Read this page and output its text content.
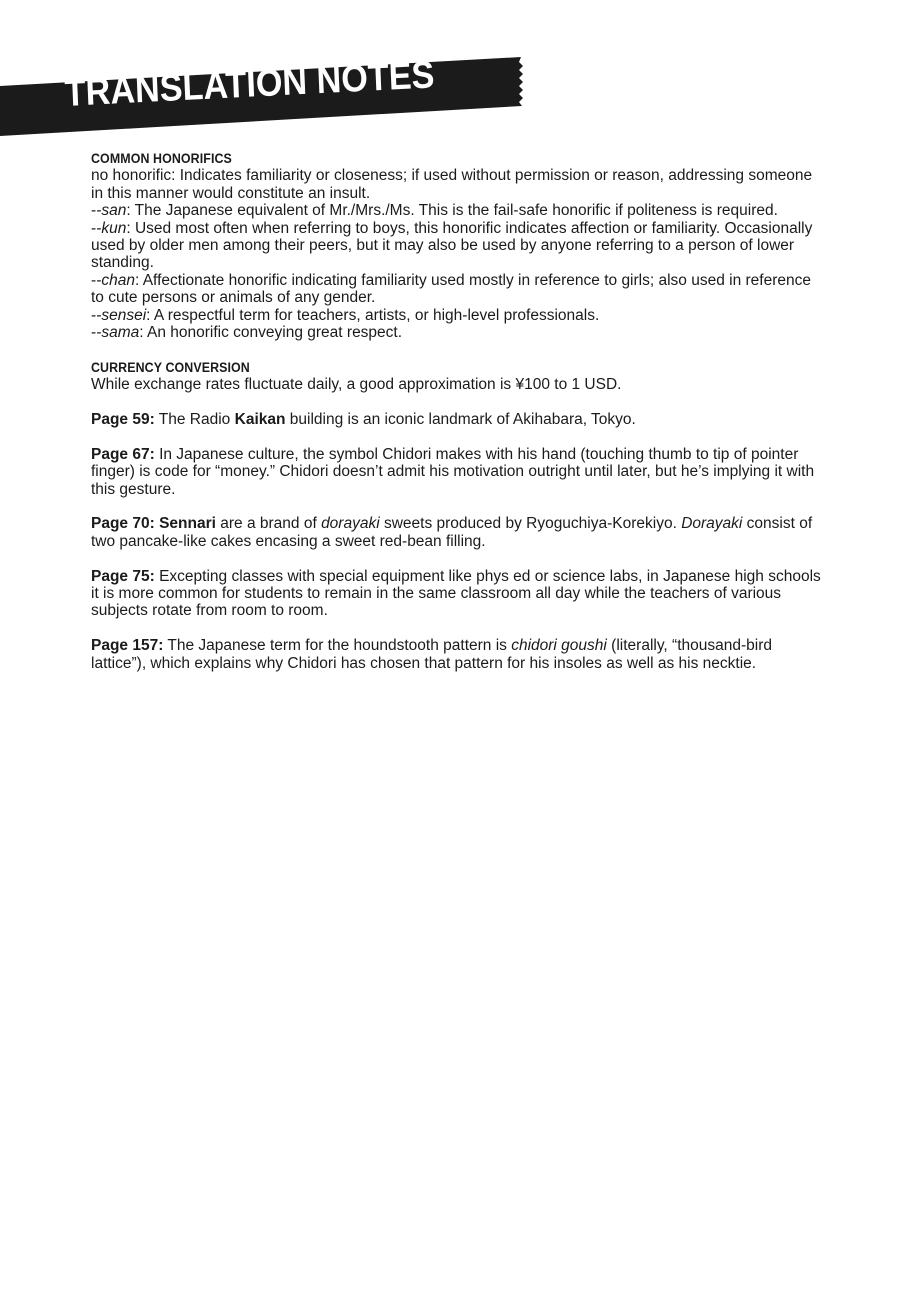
TRANSLATION NOTES
COMMON HONORIFICS

no honorific: Indicates familiarity or closeness; if used without permission or reason, addressing someone in this manner would constitute an insult.

--san: The Japanese equivalent of Mr./Mrs./Ms. This is the fail-safe honorific if politeness is required.

--kun: Used most often when referring to boys, this honorific indicates affection or familiarity. Occasionally used by older men among their peers, but it may also be used by anyone referring to a person of lower standing.

--chan: Affectionate honorific indicating familiarity used mostly in reference to girls; also used in reference to cute persons or animals of any gender.

--sensei: A respectful term for teachers, artists, or high-level professionals.

--sama: An honorific conveying great respect.

CURRENCY CONVERSION

While exchange rates fluctuate daily, a good approximation is ¥100 to 1 USD.

Page 59: The Radio Kaikan building is an iconic landmark of Akihabara, Tokyo.

Page 67: In Japanese culture, the symbol Chidori makes with his hand (touching thumb to tip of pointer finger) is code for “money.” Chidori doesn’t admit his motivation outright until later, but he’s implying it with this gesture.

Page 70: Sennari are a brand of dorayaki sweets produced by Ryoguchiya-Korekiyo. Dorayaki consist of two pancake-like cakes encasing a sweet red-bean filling.

Page 75: Excepting classes with special equipment like phys ed or science labs, in Japanese high schools it is more common for students to remain in the same classroom all day while the teachers of various subjects rotate from room to room.

Page 157: The Japanese term for the houndstooth pattern is chidori goushi (literally, “thousand-bird lattice”), which explains why Chidori has chosen that pattern for his insoles as well as his necktie.
